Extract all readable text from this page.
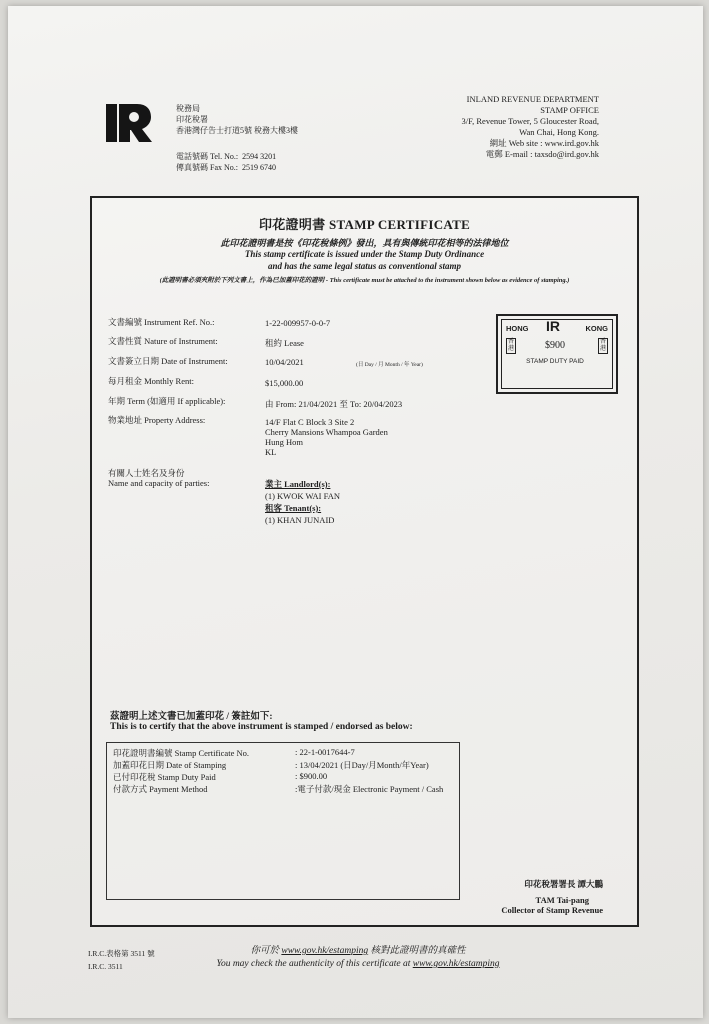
稅務局
印花稅署
香港灣仔告士打道5號 稅務大樓3樓
電話號碼 Tel. No.: 2594 3201
傳真號碼 Fax No.: 2519 6740
INLAND REVENUE DEPARTMENT
STAMP OFFICE
3/F, Revenue Tower, 5 Gloucester Road,
Wan Chai, Hong Kong.
網址 Web site : www.ird.gov.hk
電郵 E-mail : taxsdo@ird.gov.hk
印花證明書 STAMP CERTIFICATE
此印花證明書是按《印花稅條例》發出，具有與傳統印花相等的法律地位
This stamp certificate is issued under the Stamp Duty Ordinance
and has the same legal status as conventional stamp
(此證明書必須夾附於下列文書上，作為已加蓋印花的證明 - This certificate must be attached to the instrument shown below as evidence of stamping.)
文書編號 Instrument Ref. No.:	1-22-009957-0-0-7
文書性質 Nature of Instrument:	租約 Lease
文書簽立日期 Date of Instrument:	10/04/2021	(日 Day / 月 Month / 年 Year)
每月租金 Monthly Rent:	$15,000.00
年期 Term (如適用 If applicable):	由 From: 21/04/2021 至 To: 20/04/2023
物業地址 Property Address:	14/F Flat C Block 3 Site 2
Cherry Mansions Whampoa Garden
Hung Hom
KL
有關人士姓名及身份
Name and capacity of parties:	業主 Landlord(s):
(1) KWOK WAI FAN
租客 Tenant(s):
(1) KHAN JUNAID
HONG	KONG
IR
香港
香港
$900
STAMP DUTY PAID
茲證明上述文書已加蓋印花 / 簽註如下:
This is to certify that the above instrument is stamped / endorsed as below:
印花證明書編號 Stamp Certificate No.	: 22-1-0017644-7
加蓋印花日期 Date of Stamping	: 13/04/2021 (日Day/月Month/年Year)
已付印花稅 Stamp Duty Paid	: $900.00
付款方式 Payment Method	:電子付款/現金 Electronic Payment / Cash
印花稅署署長 譚大鵬
TAM Tai-pang
Collector of Stamp Revenue
I.R.C.表格第 3511 號
I.R.C. 3511
你可於 www.gov.hk/estamping 核對此證明書的真確性
You may check the authenticity of this certificate at www.gov.hk/estamping
